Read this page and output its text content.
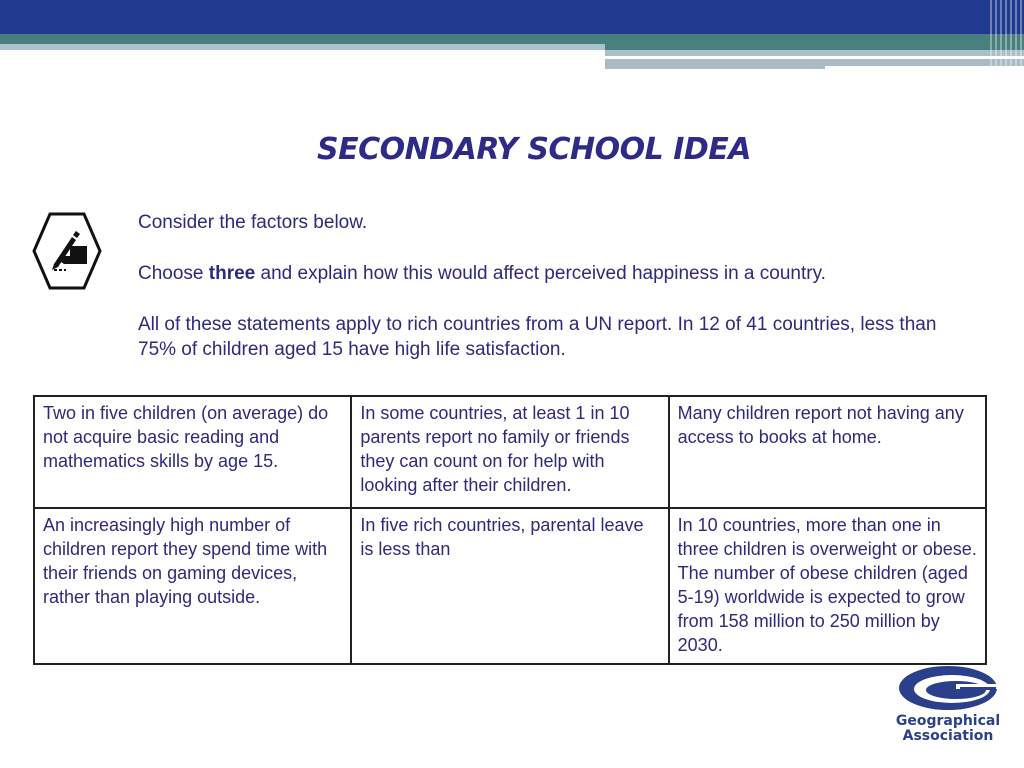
SECONDARY SCHOOL IDEA

Consider the factors below.

Choose three and explain how this would affect perceived happiness in a country.

All of these statements apply to rich countries from a UN report. In 12 of 41 countries, less than 75% of children aged 15 have high life satisfaction.

Two in five children (on average) do not acquire basic reading and mathematics skills by age 15.	In some countries, at least 1 in 10 parents report no family or friends they can count on for help with looking after their children.	Many children report not having any access to books at home.
An increasingly high number of children report they spend time with their friends on gaming devices, rather than playing outside.	In five rich countries, parental leave is less than	In 10 countries, more than one in three children is overweight or obese. The number of obese children (aged 5-19) worldwide is expected to grow from 158 million to 250 million by 2030.
Geographical
Association
